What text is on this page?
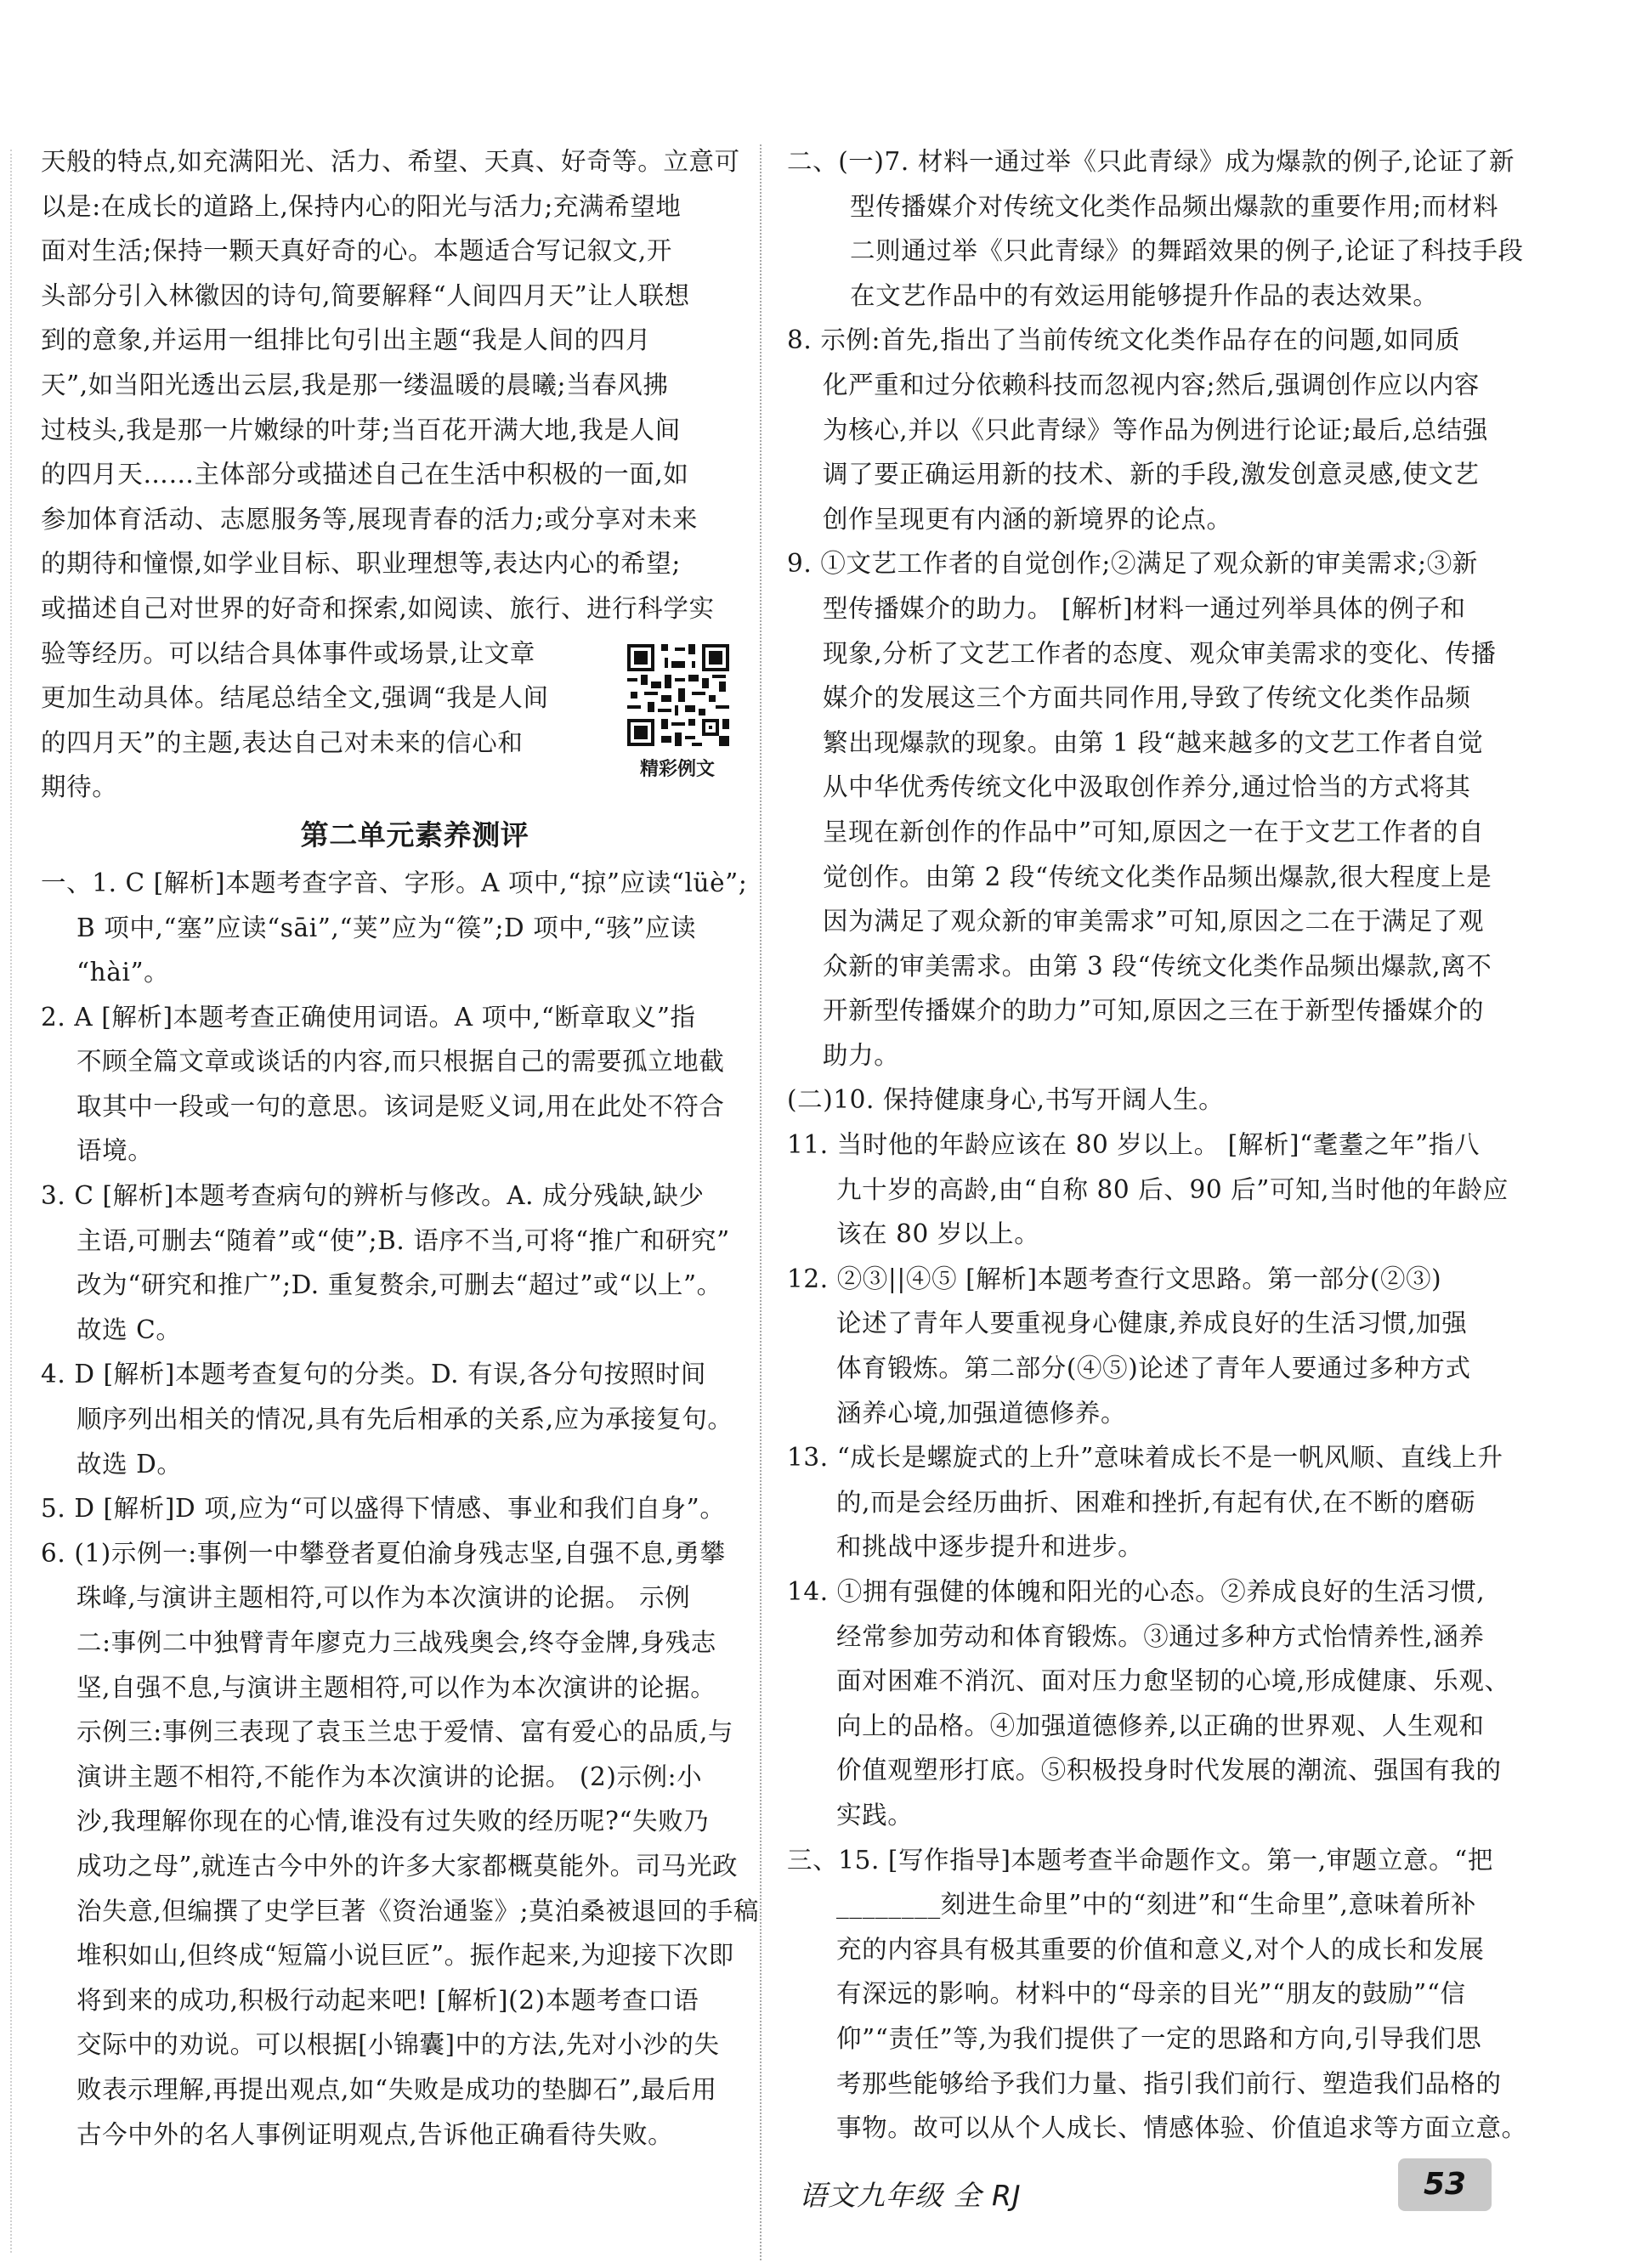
天般的特点,如充满阳光、活力、希望、天真、好奇等。立意可
以是:在成长的道路上,保持内心的阳光与活力;充满希望地
面对生活;保持一颗天真好奇的心。本题适合写记叙文,开
头部分引入林徽因的诗句,简要解释“人间四月天”让人联想
到的意象,并运用一组排比句引出主题“我是人间的四月
天”,如当阳光透出云层,我是那一缕温暖的晨曦;当春风拂
过枝头,我是那一片嫩绿的叶芽;当百花开满大地,我是人间
的四月天……主体部分或描述自己在生活中积极的一面,如
参加体育活动、志愿服务等,展现青春的活力;或分享对未来
的期待和憧憬,如学业目标、职业理想等,表达内心的希望;
或描述自己对世界的好奇和探索,如阅读、旅行、进行科学实
验等经历。可以结合具体事件或场景,让文章
更加生动具体。结尾总结全文,强调“我是人间
的四月天”的主题,表达自己对未来的信心和
期待。
第二单元素养测评
一、1. C [解析]本题考查字音、字形。A 项中,“掠”应读“lüè”;
B 项中,“塞”应读“sāi”,“荚”应为“篌”;D 项中,“骇”应读
“hài”。
2. A [解析]本题考查正确使用词语。A 项中,“断章取义”指
不顾全篇文章或谈话的内容,而只根据自己的需要孤立地截
取其中一段或一句的意思。该词是贬义词,用在此处不符合
语境。
3. C [解析]本题考查病句的辨析与修改。A. 成分残缺,缺少
主语,可删去“随着”或“使”;B. 语序不当,可将“推广和研究”
改为“研究和推广”;D. 重复赘余,可删去“超过”或“以上”。
故选 C。
4. D [解析]本题考查复句的分类。D. 有误,各分句按照时间
顺序列出相关的情况,具有先后相承的关系,应为承接复句。
故选 D。
5. D [解析]D 项,应为“可以盛得下情感、事业和我们自身”。
6. (1)示例一:事例一中攀登者夏伯渝身残志坚,自强不息,勇攀
珠峰,与演讲主题相符,可以作为本次演讲的论据。 示例
二:事例二中独臂青年廖克力三战残奥会,终夺金牌,身残志
坚,自强不息,与演讲主题相符,可以作为本次演讲的论据。
示例三:事例三表现了袁玉兰忠于爱情、富有爱心的品质,与
演讲主题不相符,不能作为本次演讲的论据。 (2)示例:小
沙,我理解你现在的心情,谁没有过失败的经历呢?“失败乃
成功之母”,就连古今中外的许多大家都概莫能外。司马光政
治失意,但编撰了史学巨著《资治通鉴》;莫泊桑被退回的手稿
堆积如山,但终成“短篇小说巨匠”。振作起来,为迎接下次即
将到来的成功,积极行动起来吧! [解析](2)本题考查口语
交际中的劝说。可以根据[小锦囊]中的方法,先对小沙的失
败表示理解,再提出观点,如“失败是成功的垫脚石”,最后用
古今中外的名人事例证明观点,告诉他正确看待失败。
精彩例文
二、(一)7. 材料一通过举《只此青绿》成为爆款的例子,论证了新
型传播媒介对传统文化类作品频出爆款的重要作用;而材料
二则通过举《只此青绿》的舞蹈效果的例子,论证了科技手段
在文艺作品中的有效运用能够提升作品的表达效果。
8. 示例:首先,指出了当前传统文化类作品存在的问题,如同质
化严重和过分依赖科技而忽视内容;然后,强调创作应以内容
为核心,并以《只此青绿》等作品为例进行论证;最后,总结强
调了要正确运用新的技术、新的手段,激发创意灵感,使文艺
创作呈现更有内涵的新境界的论点。
9. ①文艺工作者的自觉创作;②满足了观众新的审美需求;③新
型传播媒介的助力。 [解析]材料一通过列举具体的例子和
现象,分析了文艺工作者的态度、观众审美需求的变化、传播
媒介的发展这三个方面共同作用,导致了传统文化类作品频
繁出现爆款的现象。由第 1 段“越来越多的文艺工作者自觉
从中华优秀传统文化中汲取创作养分,通过恰当的方式将其
呈现在新创作的作品中”可知,原因之一在于文艺工作者的自
觉创作。由第 2 段“传统文化类作品频出爆款,很大程度上是
因为满足了观众新的审美需求”可知,原因之二在于满足了观
众新的审美需求。由第 3 段“传统文化类作品频出爆款,离不
开新型传播媒介的助力”可知,原因之三在于新型传播媒介的
助力。
(二)10. 保持健康身心,书写开阔人生。
11. 当时他的年龄应该在 80 岁以上。 [解析]“耄耋之年”指八
九十岁的高龄,由“自称 80 后、90 后”可知,当时他的年龄应
该在 80 岁以上。
12. ②③||④⑤ [解析]本题考查行文思路。第一部分(②③)
论述了青年人要重视身心健康,养成良好的生活习惯,加强
体育锻炼。第二部分(④⑤)论述了青年人要通过多种方式
涵养心境,加强道德修养。
13. “成长是螺旋式的上升”意味着成长不是一帆风顺、直线上升
的,而是会经历曲折、困难和挫折,有起有伏,在不断的磨砺
和挑战中逐步提升和进步。
14. ①拥有强健的体魄和阳光的心态。②养成良好的生活习惯,
经常参加劳动和体育锻炼。③通过多种方式怡情养性,涵养
面对困难不消沉、面对压力愈坚韧的心境,形成健康、乐观、
向上的品格。④加强道德修养,以正确的世界观、人生观和
价值观塑形打底。⑤积极投身时代发展的潮流、强国有我的
实践。
三、15. [写作指导]本题考查半命题作文。第一,审题立意。“把
________刻进生命里”中的“刻进”和“生命里”,意味着所补
充的内容具有极其重要的价值和意义,对个人的成长和发展
有深远的影响。材料中的“母亲的目光”“朋友的鼓励”“信
仰”“责任”等,为我们提供了一定的思路和方向,引导我们思
考那些能够给予我们力量、指引我们前行、塑造我们品格的
事物。故可以从个人成长、情感体验、价值追求等方面立意。
语文九年级 全 RJ	53
